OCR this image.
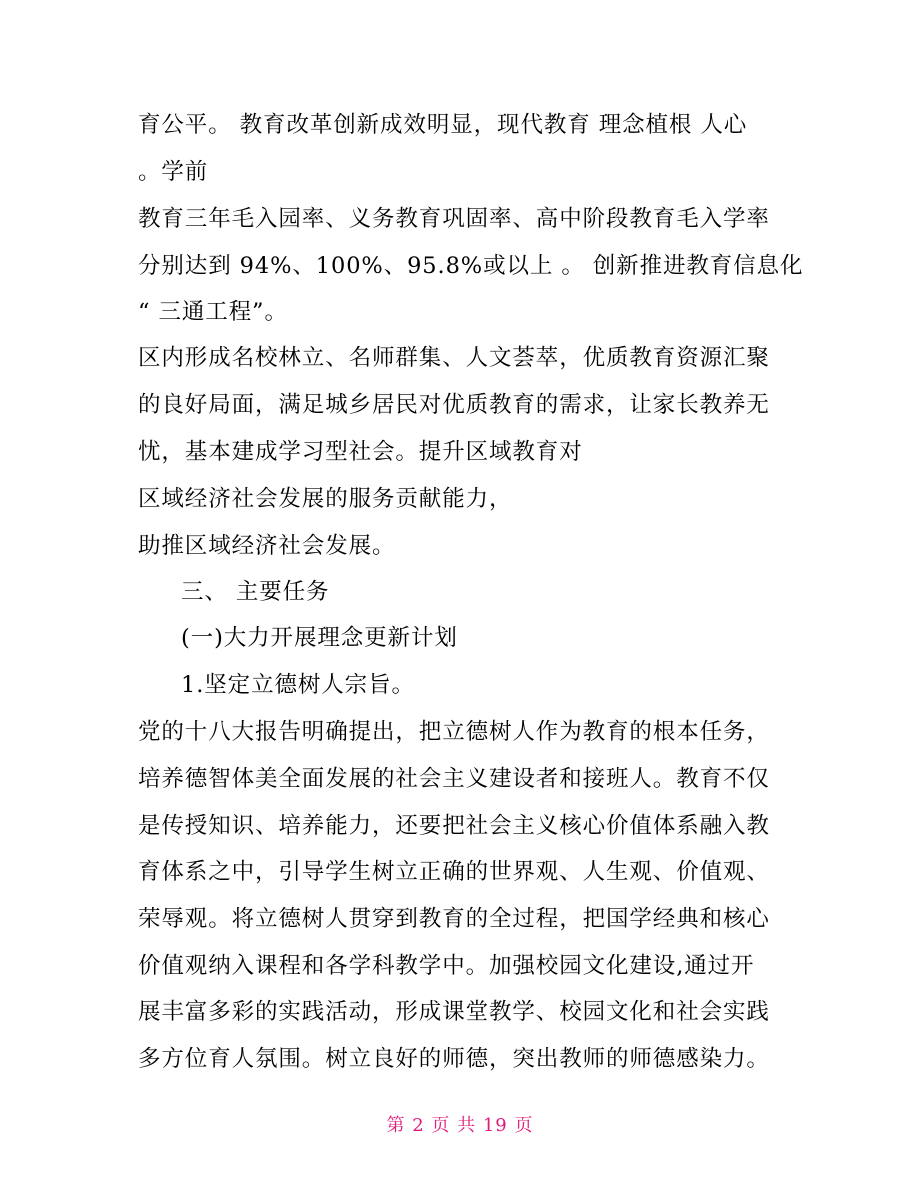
育公平。 教育改革创新成效明显，现代教育 理念植根 人心
。学前
教育三年毛入园率、义务教育巩固率、高中阶段教育毛入学率
分别达到 94%、100%、95.8%或以上 。 创新推进教育信息化
“ 三通工程”。
区内形成名校林立、名师群集、人文荟萃，优质教育资源汇聚
的良好局面，满足城乡居民对优质教育的需求，让家长教养无
忧，基本建成学习型社会。提升区域教育对
区域经济社会发展的服务贡献能力，
助推区域经济社会发展。
三、 主要任务
(一)大力开展理念更新计划
1.坚定立德树人宗旨。
党的十八大报告明确提出，把立德树人作为教育的根本任务，
培养德智体美全面发展的社会主义建设者和接班人。教育不仅
是传授知识、培养能力，还要把社会主义核心价值体系融入教
育体系之中，引导学生树立正确的世界观、人生观、价值观、
荣辱观。将立德树人贯穿到教育的全过程，把国学经典和核心
价值观纳入课程和各学科教学中。加强校园文化建设,通过开
展丰富多彩的实践活动，形成课堂教学、校园文化和社会实践
多方位育人氛围。树立良好的师德，突出教师的师德感染力。
第 2 页 共 19 页
